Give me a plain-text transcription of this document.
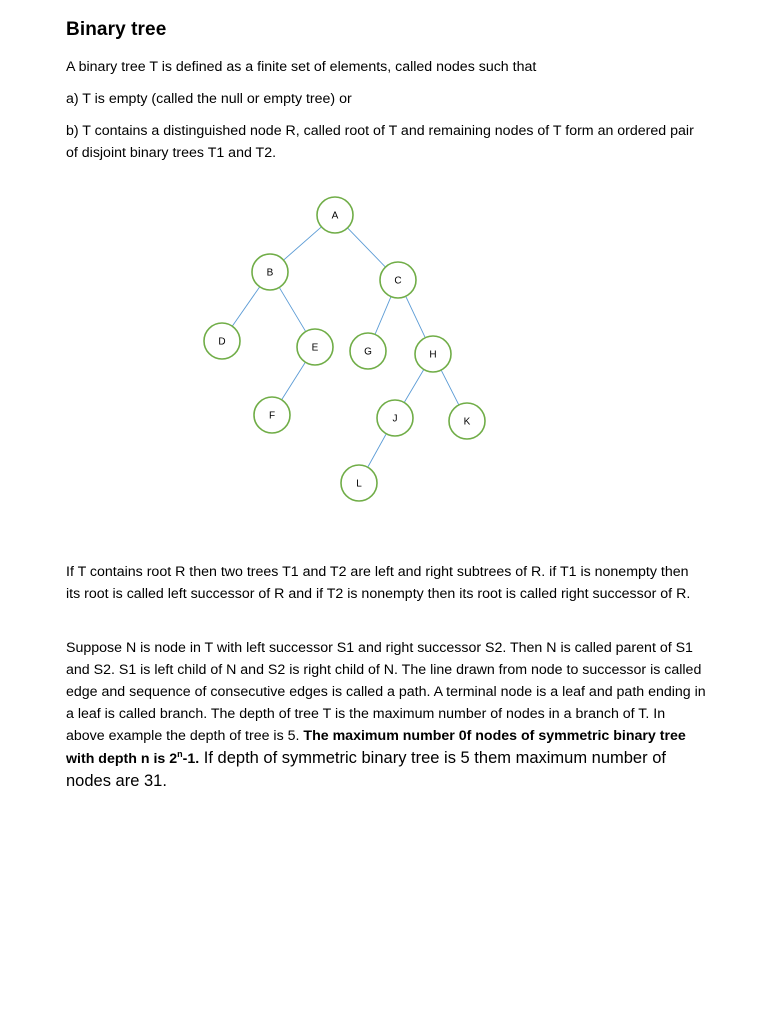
Binary tree

A binary tree T is defined as a finite set of elements, called nodes such that

a) T is empty (called the null or empty tree) or

b) T contains a distinguished node R, called root of T and remaining nodes of T form an ordered pair of disjoint binary trees T1 and T2.

A
B
C
D
E
F
G	H
J	K
L

If T contains root R then two trees T1 and T2 are left and right subtrees of R. if T1 is nonempty then its root is called left successor of R and if T2 is nonempty then its root is called right successor of R.

Suppose N is node in T with left successor S1 and right successor S2. Then N is called parent of S1 and S2. S1 is left child of N and S2 is right child of N. The line drawn from node to successor is called edge and sequence of consecutive edges is called a path. A terminal node is a leaf and path ending in a leaf is called branch. The depth of tree T is the maximum number of nodes in a branch of T. In above example the depth of tree is 5. The maximum number 0f nodes of symmetric binary tree with depth n is 2$^n$-1. If depth of symmetric binary tree is 5 them maximum number of nodes are 31.
